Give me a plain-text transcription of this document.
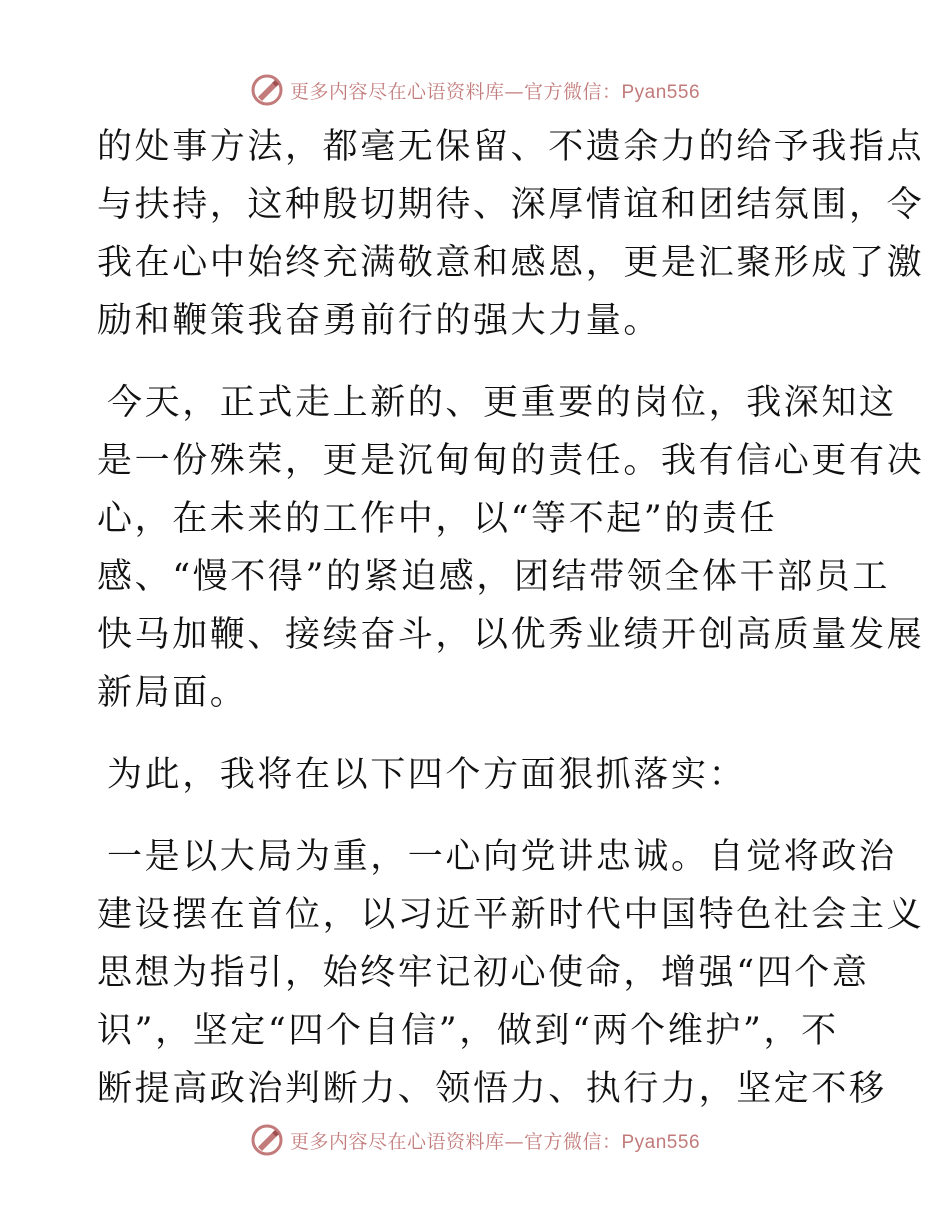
更多内容尽在心语资料库—官方微信：Pyan556
的处事方法，都毫无保留、不遗余力的给予我指点
与扶持，这种殷切期待、深厚情谊和团结氛围，令
我在心中始终充满敬意和感恩，更是汇聚形成了激
励和鞭策我奋勇前行的强大力量。
今天，正式走上新的、更重要的岗位，我深知这
是一份殊荣，更是沉甸甸的责任。我有信心更有决
心，在未来的工作中，以“等不起”的责任
感、“慢不得”的紧迫感，团结带领全体干部员工
快马加鞭、接续奋斗，以优秀业绩开创高质量发展
新局面。
为此，我将在以下四个方面狠抓落实：
一是以大局为重，一心向党讲忠诚。自觉将政治
建设摆在首位，以习近平新时代中国特色社会主义
思想为指引，始终牢记初心使命，增强“四个意
识”，坚定“四个自信”，做到“两个维护”，不
断提高政治判断力、领悟力、执行力，坚定不移
更多内容尽在心语资料库—官方微信：Pyan556
